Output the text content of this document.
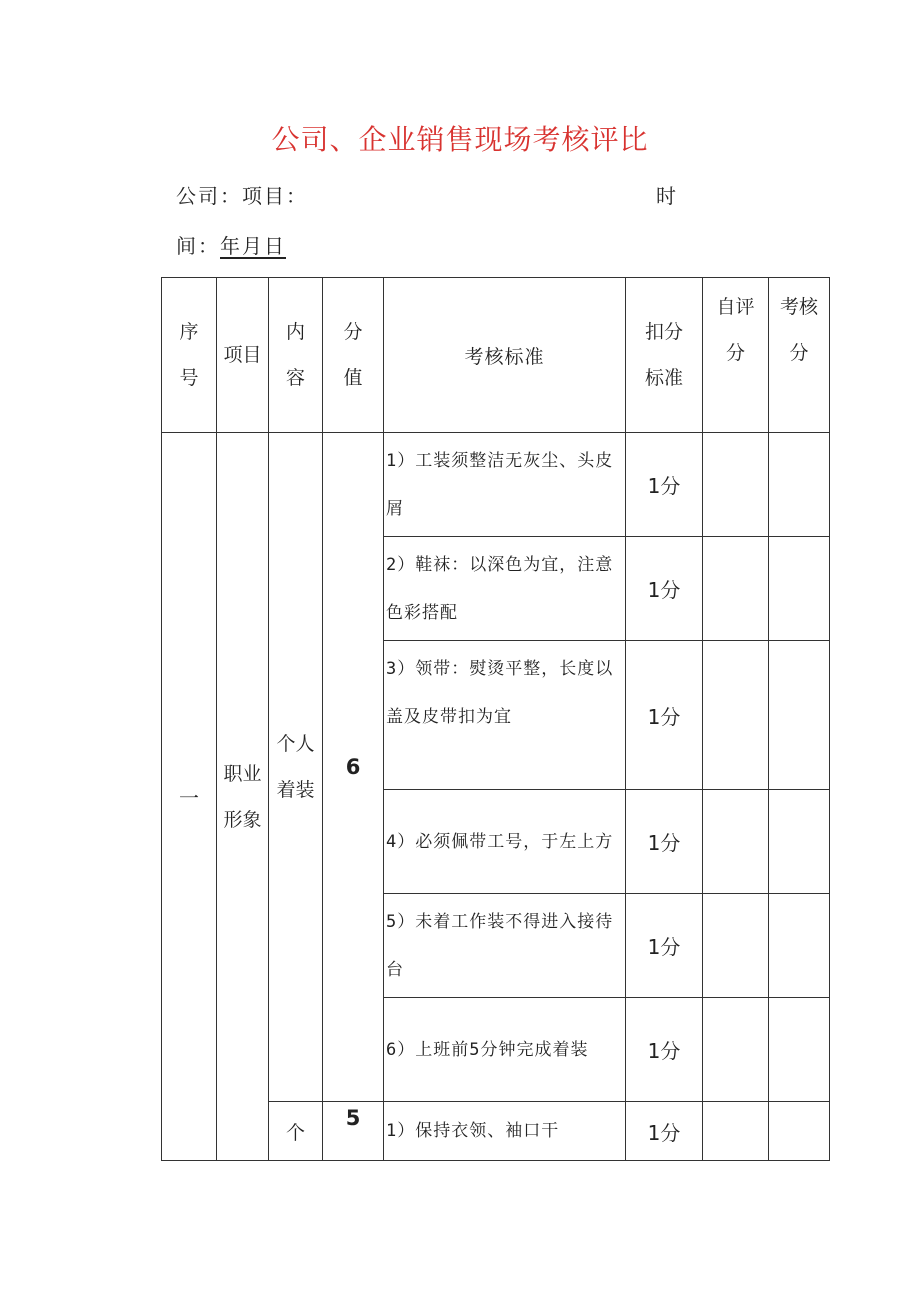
公司、企业销售现场考核评比
公司：项目：	时
间：年月日
序号	项目	内容	分值	考核标准	扣分标准	自评分	考核分
一	职业形象	个人着装	6	1）工装须整洁无灰尘、头皮屑	1分		
				2）鞋袜：以深色为宜，注意色彩搭配	1分		
				3）领带：熨烫平整，长度以盖及皮带扣为宜	1分		
				4）必须佩带工号，于左上方	1分		
				5）未着工作装不得进入接待台	1分		
				6）上班前5分钟完成着装	1分		
		个	5	1）保持衣领、袖口干	1分		
